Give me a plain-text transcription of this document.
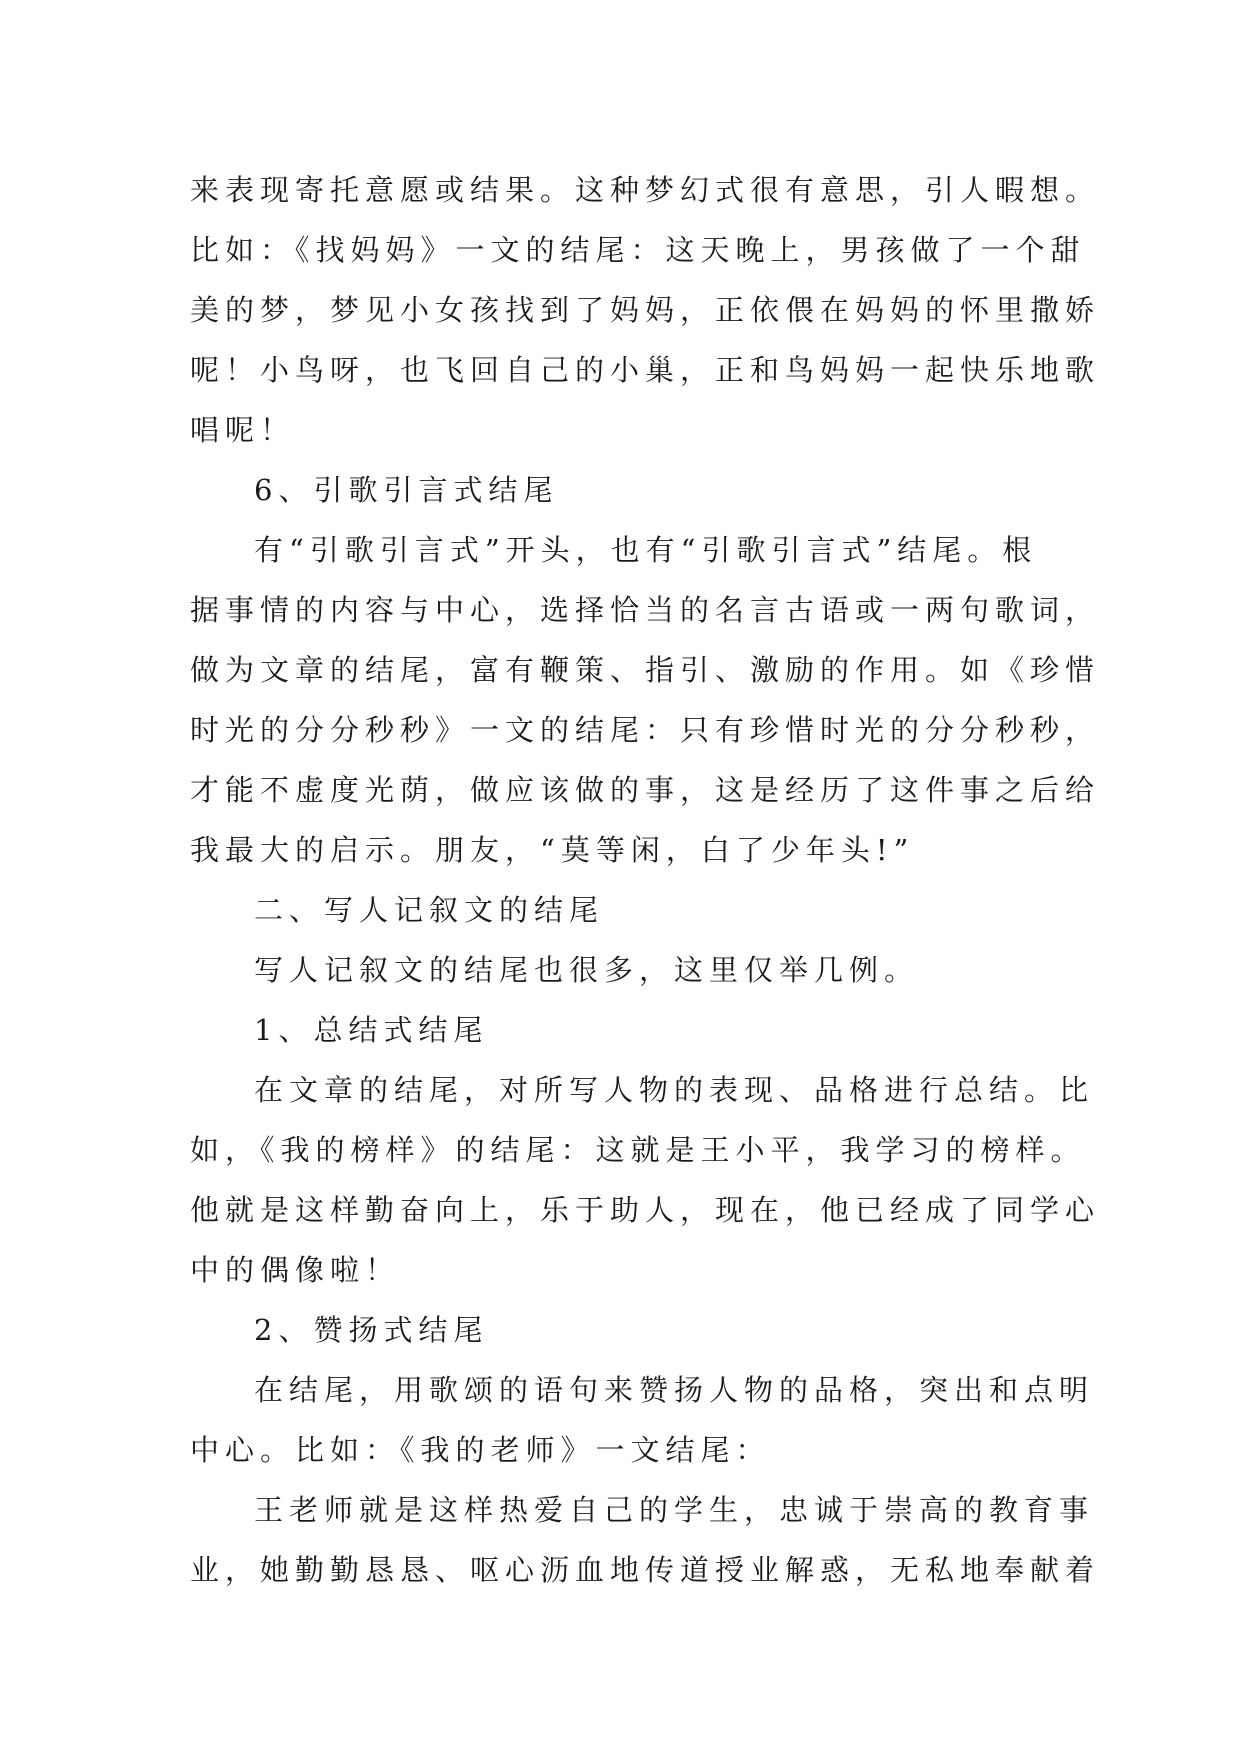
来表现寄托意愿或结果。这种梦幻式很有意思，引人暇想。
比如：《找妈妈》一文的结尾：这天晚上，男孩做了一个甜
美的梦，梦见小女孩找到了妈妈，正依偎在妈妈的怀里撒娇
呢！小鸟呀，也飞回自己的小巢，正和鸟妈妈一起快乐地歌
唱呢！
6、引歌引言式结尾
有“引歌引言式”开头，也有“引歌引言式”结尾。根
据事情的内容与中心，选择恰当的名言古语或一两句歌词，
做为文章的结尾，富有鞭策、指引、激励的作用。如《珍惜
时光的分分秒秒》一文的结尾：只有珍惜时光的分分秒秒，
才能不虚度光荫，做应该做的事，这是经历了这件事之后给
我最大的启示。朋友，“莫等闲，白了少年头!”
二、写人记叙文的结尾
写人记叙文的结尾也很多，这里仅举几例。
1、总结式结尾
在文章的结尾，对所写人物的表现、品格进行总结。比
如，《我的榜样》的结尾：这就是王小平，我学习的榜样。
他就是这样勤奋向上，乐于助人，现在，他已经成了同学心
中的偶像啦！
2、赞扬式结尾
在结尾，用歌颂的语句来赞扬人物的品格，突出和点明
中心。比如：《我的老师》一文结尾：
王老师就是这样热爱自己的学生，忠诚于崇高的教育事
业，她勤勤恳恳、呕心沥血地传道授业解惑，无私地奉献着
